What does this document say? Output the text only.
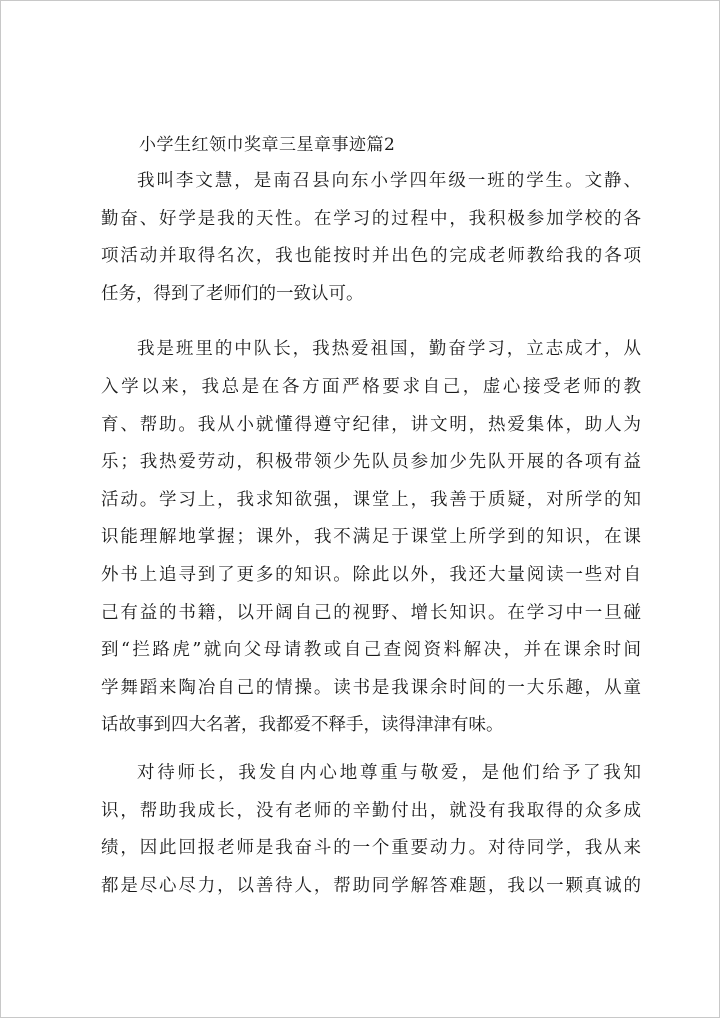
小学生红领巾奖章三星章事迹篇2
我叫李文慧，是南召县向东小学四年级一班的学生。文静、
勤奋、好学是我的天性。在学习的过程中，我积极参加学校的各
项活动并取得名次，我也能按时并出色的完成老师教给我的各项
任务，得到了老师们的一致认可。
我是班里的中队长，我热爱祖国，勤奋学习，立志成才，从
入学以来，我总是在各方面严格要求自己，虚心接受老师的教
育、帮助。我从小就懂得遵守纪律，讲文明，热爱集体，助人为
乐；我热爱劳动，积极带领少先队员参加少先队开展的各项有益
活动。学习上，我求知欲强，课堂上，我善于质疑，对所学的知
识能理解地掌握；课外，我不满足于课堂上所学到的知识，在课
外书上追寻到了更多的知识。除此以外，我还大量阅读一些对自
己有益的书籍，以开阔自己的视野、增长知识。在学习中一旦碰
到“拦路虎”就向父母请教或自己查阅资料解决，并在课余时间
学舞蹈来陶冶自己的情操。读书是我课余时间的一大乐趣，从童
话故事到四大名著，我都爱不释手，读得津津有味。
对待师长，我发自内心地尊重与敬爱，是他们给予了我知
识，帮助我成长，没有老师的辛勤付出，就没有我取得的众多成
绩，因此回报老师是我奋斗的一个重要动力。对待同学，我从来
都是尽心尽力，以善待人，帮助同学解答难题，我以一颗真诚的
